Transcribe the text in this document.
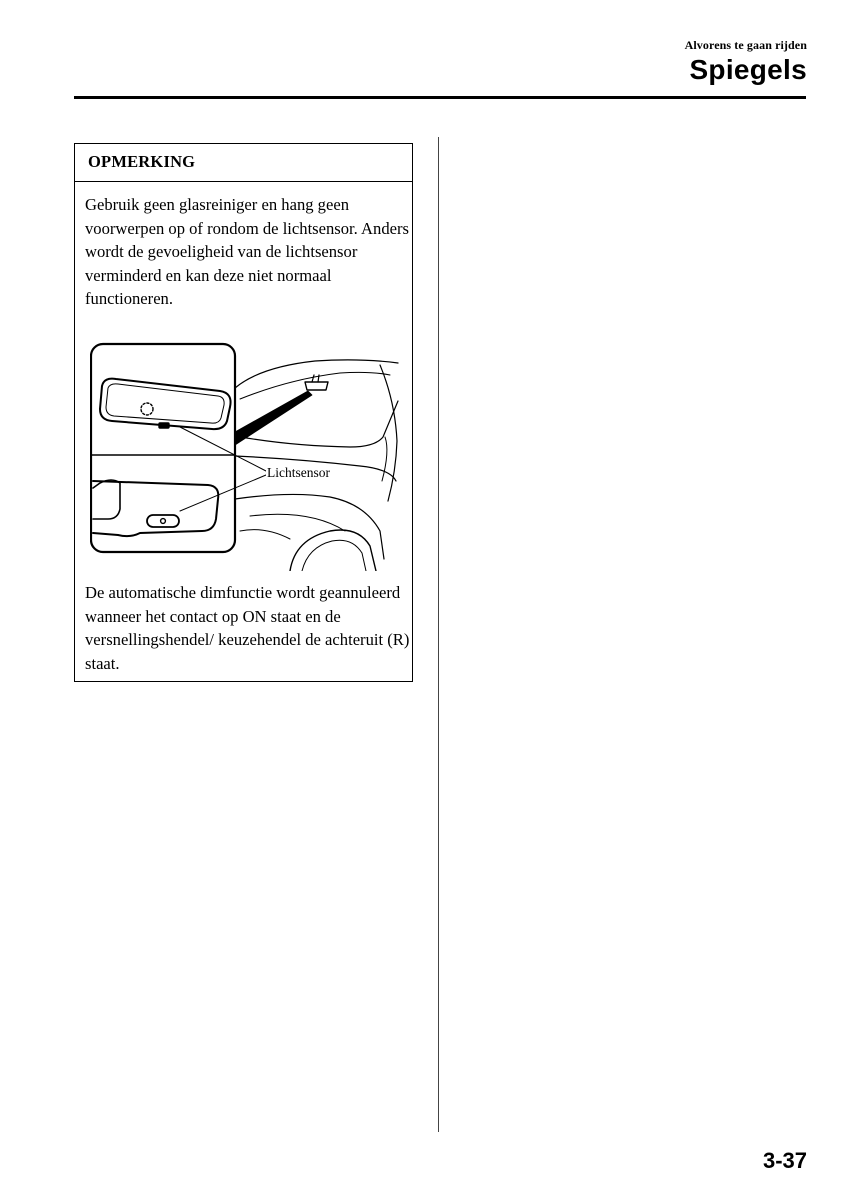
Alvorens te gaan rijden
Spiegels
OPMERKING
Gebruik geen glasreiniger en hang geen voorwerpen op of rondom de lichtsensor. Anders wordt de gevoeligheid van de lichtsensor verminderd en kan deze niet normaal functioneren.
Lichtsensor
De automatische dimfunctie wordt geannuleerd wanneer het contact op ON staat en de versnellingshendel/ keuzehendel de achteruit (R) staat.
3-37
